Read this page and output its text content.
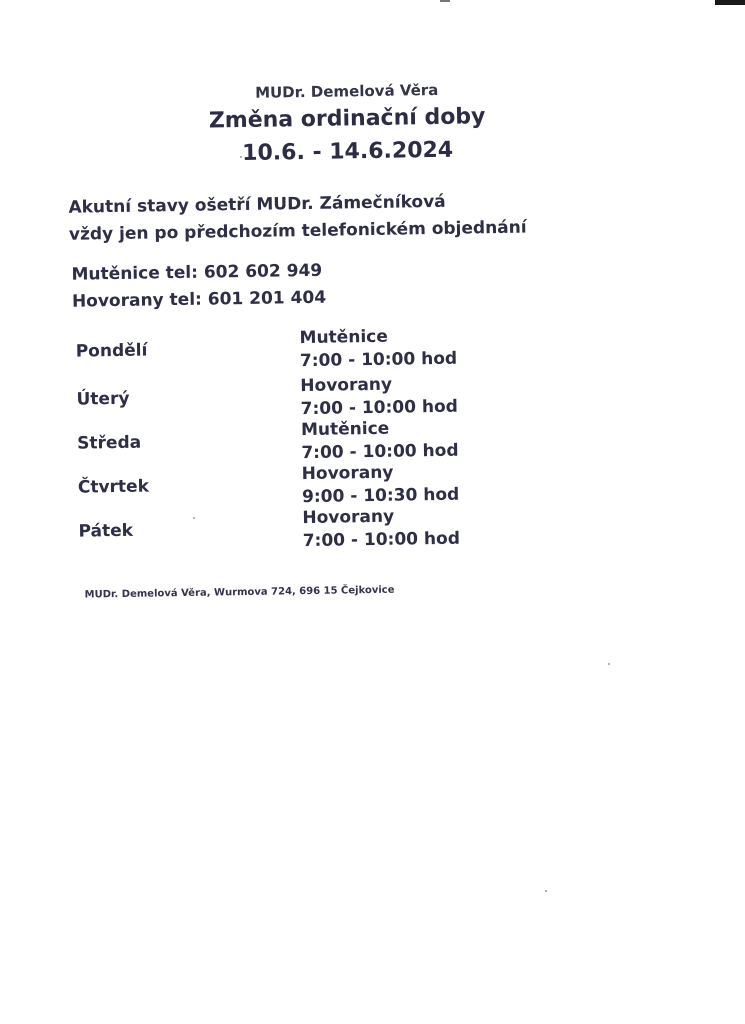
MUDr. Demelová Věra
Změna ordinační doby
10.6. - 14.6.2024
Akutní stavy ošetří MUDr. Zámečníková
vždy jen po předchozím telefonickém objednání
Mutěnice tel: 602 602 949
Hovorany tel: 601 201 404
Pondělí
Mutěnice
7:00 - 10:00 hod
Úterý
Hovorany
7:00 - 10:00 hod
Středa
Mutěnice
7:00 - 10:00 hod
Čtvrtek
Hovorany
9:00 - 10:30 hod
Pátek
Hovorany
7:00 - 10:00 hod
MUDr. Demelová Věra, Wurmova 724, 696 15 Čejkovice
